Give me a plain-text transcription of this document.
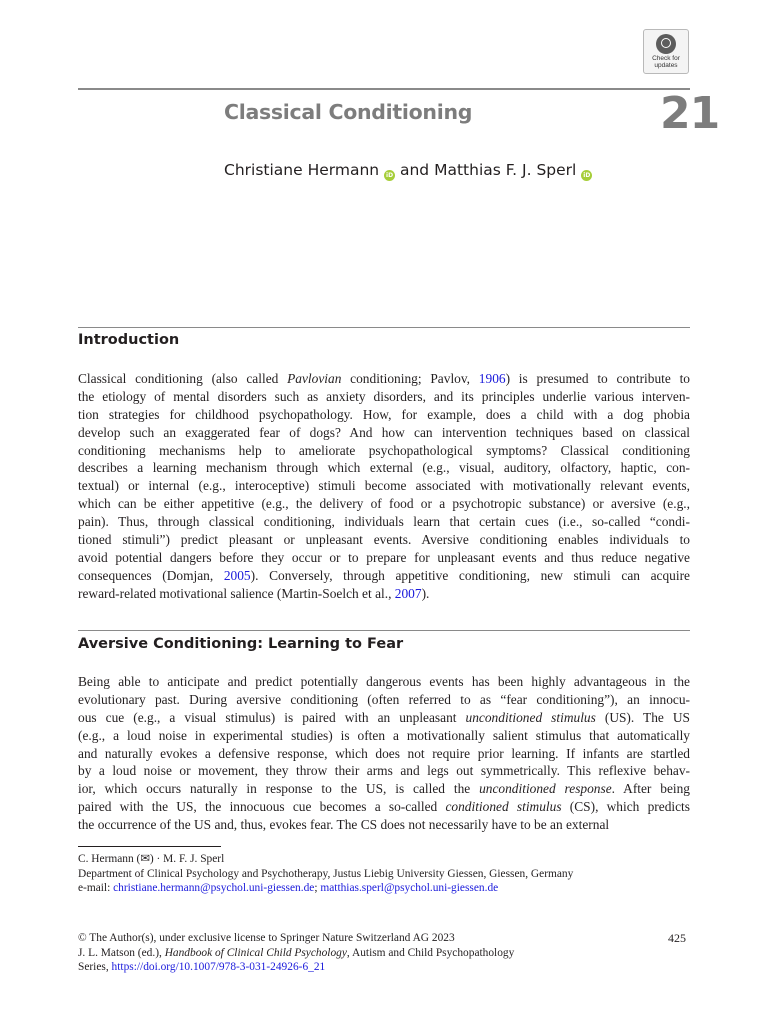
Check for
updates
Classical Conditioning	21
Christiane Hermann iD and Matthias F. J. Sperl iD
Introduction
Classical conditioning (also called Pavlovian conditioning; Pavlov, 1906) is presumed to contribute to
the etiology of mental disorders such as anxiety disorders, and its principles underlie various interven-
tion strategies for childhood psychopathology. How, for example, does a child with a dog phobia
develop such an exaggerated fear of dogs? And how can intervention techniques based on classical
conditioning mechanisms help to ameliorate psychopathological symptoms? Classical conditioning
describes a learning mechanism through which external (e.g., visual, auditory, olfactory, haptic, con-
textual) or internal (e.g., interoceptive) stimuli become associated with motivationally relevant events,
which can be either appetitive (e.g., the delivery of food or a psychotropic substance) or aversive (e.g.,
pain). Thus, through classical conditioning, individuals learn that certain cues (i.e., so-called “condi-
tioned stimuli”) predict pleasant or unpleasant events. Aversive conditioning enables individuals to
avoid potential dangers before they occur or to prepare for unpleasant events and thus reduce negative
consequences (Domjan, 2005). Conversely, through appetitive conditioning, new stimuli can acquire
reward-related motivational salience (Martin-Soelch et al., 2007).
Aversive Conditioning: Learning to Fear
Being able to anticipate and predict potentially dangerous events has been highly advantageous in the
evolutionary past. During aversive conditioning (often referred to as “fear conditioning”), an innocu-
ous cue (e.g., a visual stimulus) is paired with an unpleasant unconditioned stimulus (US). The US
(e.g., a loud noise in experimental studies) is often a motivationally salient stimulus that automatically
and naturally evokes a defensive response, which does not require prior learning. If infants are startled
by a loud noise or movement, they throw their arms and legs out symmetrically. This reflexive behav-
ior, which occurs naturally in response to the US, is called the unconditioned response. After being
paired with the US, the innocuous cue becomes a so-called conditioned stimulus (CS), which predicts
the occurrence of the US and, thus, evokes fear. The CS does not necessarily have to be an external
C. Hermann (✉) · M. F. J. Sperl
Department of Clinical Psychology and Psychotherapy, Justus Liebig University Giessen, Giessen, Germany
e-mail: christiane.hermann@psychol.uni-giessen.de; matthias.sperl@psychol.uni-giessen.de
© The Author(s), under exclusive license to Springer Nature Switzerland AG 2023
J. L. Matson (ed.), Handbook of Clinical Child Psychology, Autism and Child Psychopathology
Series, https://doi.org/10.1007/978-3-031-24926-6_21
425
